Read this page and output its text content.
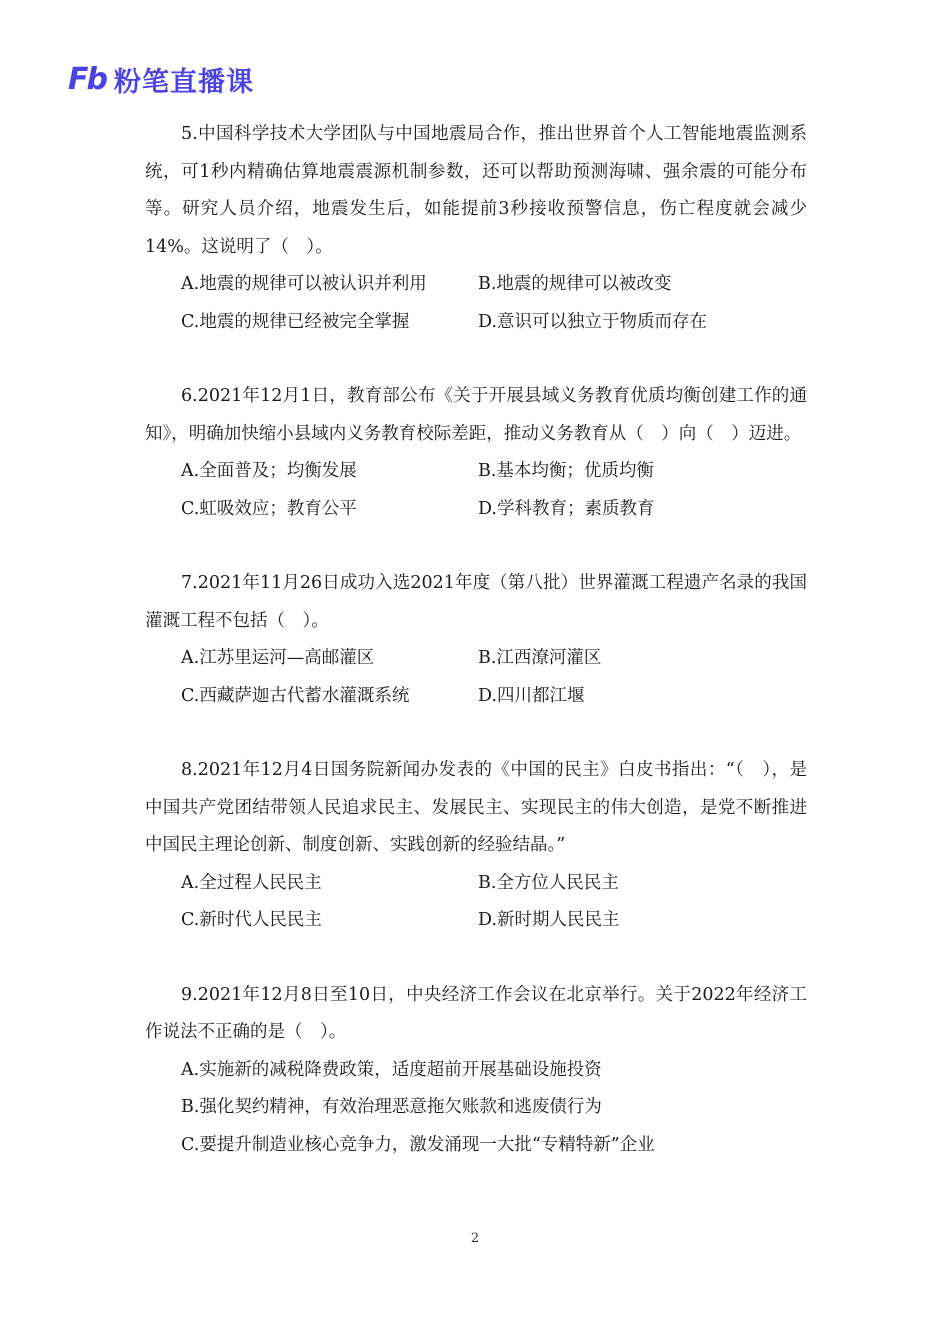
Fb 粉笔直播课

5.中国科学技术大学团队与中国地震局合作，推出世界首个人工智能地震监测系统，可1秒内精确估算地震震源机制参数，还可以帮助预测海啸、强余震的可能分布等。研究人员介绍，地震发生后，如能提前3秒接收预警信息，伤亡程度就会减少14%。这说明了（　）。

A.地震的规律可以被认识并利用	B.地震的规律可以被改变
C.地震的规律已经被完全掌握	D.意识可以独立于物质而存在

6.2021年12月1日，教育部公布《关于开展县域义务教育优质均衡创建工作的通知》，明确加快缩小县域内义务教育校际差距，推动义务教育从（　）向（　）迈进。

A.全面普及；均衡发展	B.基本均衡；优质均衡
C.虹吸效应；教育公平	D.学科教育；素质教育

7.2021年11月26日成功入选2021年度（第八批）世界灌溉工程遗产名录的我国灌溉工程不包括（　）。

A.江苏里运河—高邮灌区	B.江西潦河灌区
C.西藏萨迦古代蓄水灌溉系统	D.四川都江堰

8.2021年12月4日国务院新闻办发表的《中国的民主》白皮书指出：“（　），是中国共产党团结带领人民追求民主、发展民主、实现民主的伟大创造，是党不断推进中国民主理论创新、制度创新、实践创新的经验结晶。”

A.全过程人民民主	B.全方位人民民主
C.新时代人民民主	D.新时期人民民主

9.2021年12月8日至10日，中央经济工作会议在北京举行。关于2022年经济工作说法不正确的是（　）。

A.实施新的减税降费政策，适度超前开展基础设施投资
B.强化契约精神，有效治理恶意拖欠账款和逃废债行为
C.要提升制造业核心竞争力，激发涌现一大批“专精特新”企业
2
